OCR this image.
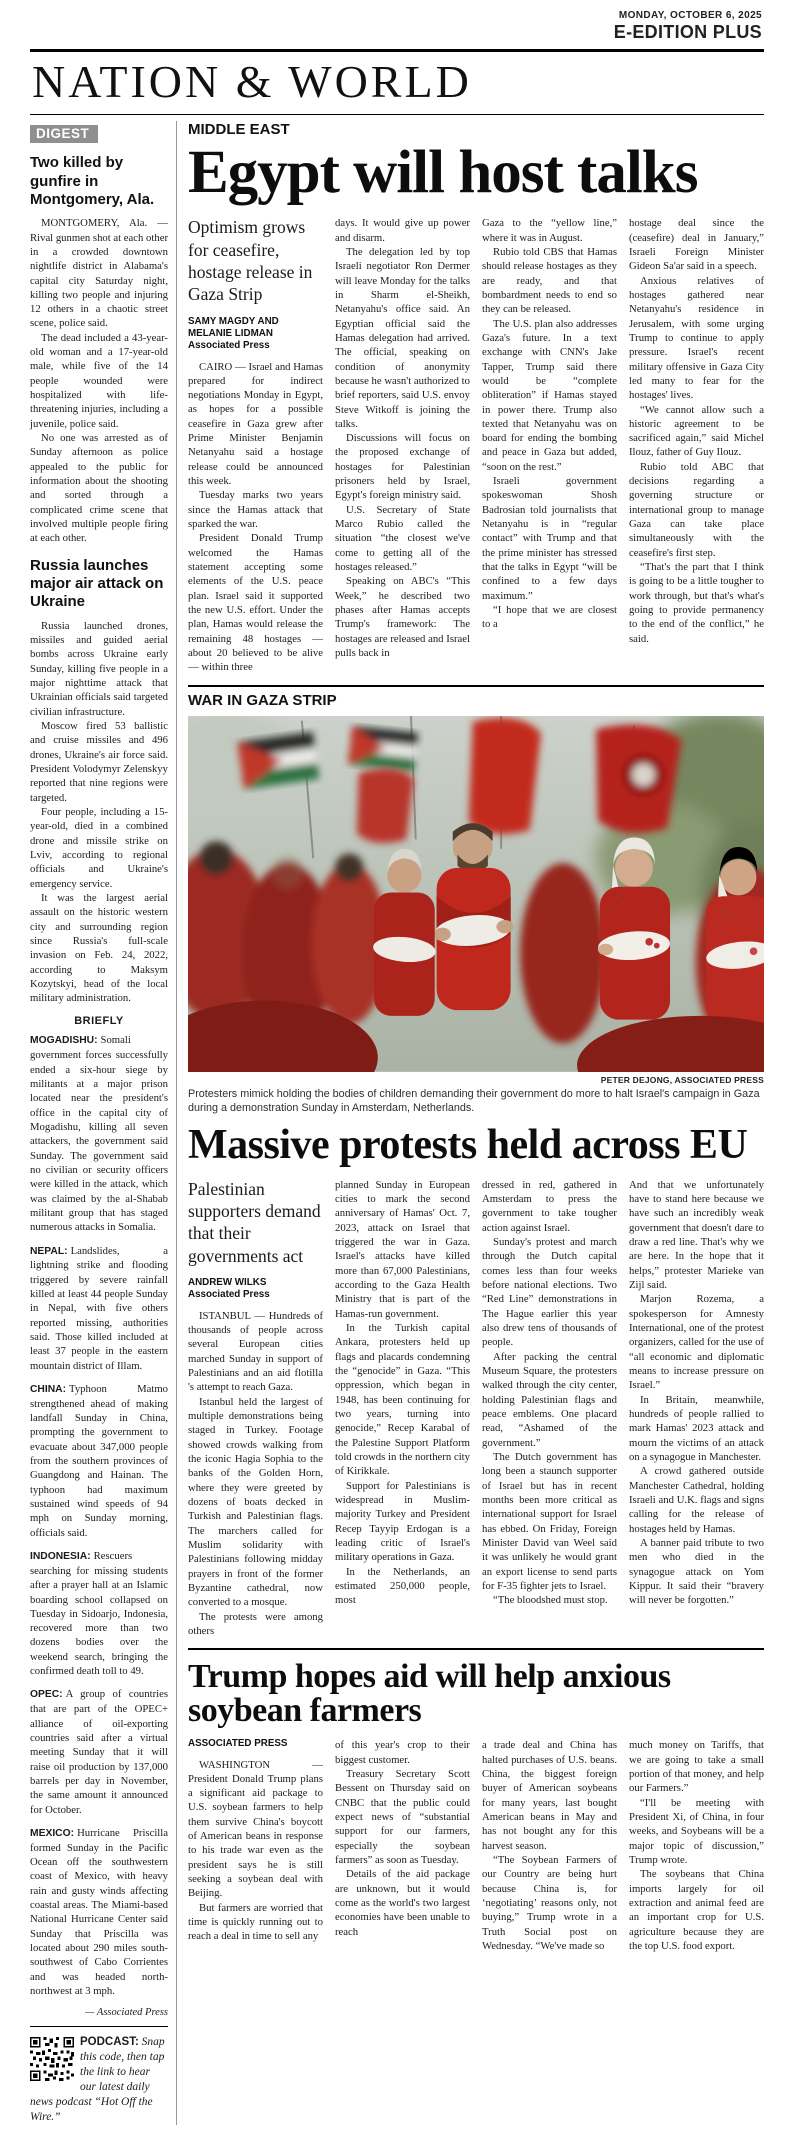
MONDAY, OCTOBER 6, 2025
E-EDITION PLUS
NATION & WORLD
DIGEST
Two killed by gunfire in Montgomery, Ala.

MONTGOMERY, Ala. — Rival gunmen shot at each other in a crowded downtown nightlife district in Alabama's capital city Saturday night, killing two people and injuring 12 others in a chaotic street scene, police said.

The dead included a 43-year-old woman and a 17-year-old male, while five of the 14 people wounded were hospitalized with life-threatening injuries, including a juvenile, police said.

No one was arrested as of Sunday afternoon as police appealed to the public for information about the shooting and sorted through a complicated crime scene that involved multiple people firing at each other.

Russia launches major air attack on Ukraine

Russia launched drones, missiles and guided aerial bombs across Ukraine early Sunday, killing five people in a major nighttime attack that Ukrainian officials said targeted civilian infrastructure.

Moscow fired 53 ballistic and cruise missiles and 496 drones, Ukraine's air force said. President Volodymyr Zelenskyy reported that nine regions were targeted.

Four people, including a 15-year-old, died in a combined drone and missile strike on Lviv, according to regional officials and Ukraine's emergency service.

It was the largest aerial assault on the historic western city and surrounding region since Russia's full-scale invasion on Feb. 24, 2022, according to Maksym Kozytskyi, head of the local military administration.

BRIEFLY

MOGADISHU: Somali government forces successfully ended a six-hour siege by militants at a major prison located near the president's office in the capital city of Mogadishu, killing all seven attackers, the government said Sunday. The government said no civilian or security officers were killed in the attack, which was claimed by the al-Shabab militant group that has staged numerous attacks in Somalia.

NEPAL: Landslides, a lightning strike and flooding triggered by severe rainfall killed at least 44 people Sunday in Nepal, with five others reported missing, authorities said. Those killed included at least 37 people in the eastern mountain district of Illam.

CHINA: Typhoon Matmo strengthened ahead of making landfall Sunday in China, prompting the government to evacuate about 347,000 people from the southern provinces of Guangdong and Hainan. The typhoon had maximum sustained wind speeds of 94 mph on Sunday morning, officials said.

INDONESIA: Rescuers searching for missing students after a prayer hall at an Islamic boarding school collapsed on Tuesday in Sidoarjo, Indonesia, recovered more than two dozens bodies over the weekend search, bringing the confirmed death toll to 49.

OPEC: A group of countries that are part of the OPEC+ alliance of oil-exporting countries said after a virtual meeting Sunday that it will raise oil production by 137,000 barrels per day in November, the same amount it announced for October.

MEXICO: Hurricane Priscilla formed Sunday in the Pacific Ocean off the southwestern coast of Mexico, with heavy rain and gusty winds affecting coastal areas. The Miami-based National Hurricane Center said Sunday that Priscilla was located about 290 miles south-southwest of Cabo Corrientes and was headed north-northwest at 3 mph.

— Associated Press
PODCAST: Snap this code, then tap the link to hear our latest daily news podcast “Hot Off the Wire.”
MIDDLE EAST
Egypt will host talks
Optimism grows for ceasefire, hostage release in Gaza Strip
SAMY MAGDY AND MELANIE LIDMAN
Associated Press

CAIRO — Israel and Hamas prepared for indirect negotiations Monday in Egypt, as hopes for a possible ceasefire in Gaza grew after Prime Minister Benjamin Netanyahu said a hostage release could be announced this week.

Tuesday marks two years since the Hamas attack that sparked the war.

President Donald Trump welcomed the Hamas statement accepting some elements of the U.S. peace plan. Israel said it supported the new U.S. effort. Under the plan, Hamas would release the remaining 48 hostages — about 20 believed to be alive — within three

days. It would give up power and disarm.

The delegation led by top Israeli negotiator Ron Dermer will leave Monday for the talks in Sharm el-Sheikh, Netanyahu's office said. An Egyptian official said the Hamas delegation had arrived. The official, speaking on condition of anonymity because he wasn't authorized to brief reporters, said U.S. envoy Steve Witkoff is joining the talks.

Discussions will focus on the proposed exchange of hostages for Palestinian prisoners held by Israel, Egypt's foreign ministry said.

U.S. Secretary of State Marco Rubio called the situation “the closest we've come to getting all of the hostages released.”

Speaking on ABC's “This Week,” he described two phases after Hamas accepts Trump's framework: The hostages are released and Israel pulls back in

Gaza to the “yellow line,” where it was in August.

Rubio told CBS that Hamas should release hostages as they are ready, and that bombardment needs to end so they can be released.

The U.S. plan also addresses Gaza's future. In a text exchange with CNN's Jake Tapper, Trump said there would be “complete obliteration” if Hamas stayed in power there. Trump also texted that Netanyahu was on board for ending the bombing and peace in Gaza but added, “soon on the rest.”

Israeli government spokeswoman Shosh Badrosian told journalists that Netanyahu is in “regular contact” with Trump and that the prime minister has stressed that the talks in Egypt “will be confined to a few days maximum.”

“I hope that we are closest to a

hostage deal since the (ceasefire) deal in January,” Israeli Foreign Minister Gideon Sa'ar said in a speech.

Anxious relatives of hostages gathered near Netanyahu's residence in Jerusalem, with some urging Trump to continue to apply pressure. Israel's recent military offensive in Gaza City led many to fear for the hostages' lives.

“We cannot allow such a historic agreement to be sacrificed again,” said Michel Ilouz, father of Guy Ilouz.

Rubio told ABC that decisions regarding a governing structure or international group to manage Gaza can take place simultaneously with the ceasefire's first step.

“That's the part that I think is going to be a little tougher to work through, but that's what's going to provide permanency to the end of the conflict,” he said.

WAR IN GAZA STRIP
PETER DEJONG, ASSOCIATED PRESS
Protesters mimick holding the bodies of children demanding their government do more to halt Israel's campaign in Gaza during a demonstration Sunday in Amsterdam, Netherlands.
Massive protests held across EU
Palestinian supporters demand that their governments act
ANDREW WILKS
Associated Press

ISTANBUL — Hundreds of thousands of people across several European cities marched Sunday in support of Palestinians and an aid flotilla 's attempt to reach Gaza.

Istanbul held the largest of multiple demonstrations being staged in Turkey. Footage showed crowds walking from the iconic Hagia Sophia to the banks of the Golden Horn, where they were greeted by dozens of boats decked in Turkish and Palestinian flags. The marchers called for Muslim solidarity with Palestinians following midday prayers in front of the former Byzantine cathedral, now converted to a mosque.

The protests were among others

planned Sunday in European cities to mark the second anniversary of Hamas' Oct. 7, 2023, attack on Israel that triggered the war in Gaza. Israel's attacks have killed more than 67,000 Palestinians, according to the Gaza Health Ministry that is part of the Hamas-run government.

In the Turkish capital Ankara, protesters held up flags and placards condemning the “genocide” in Gaza. “This oppression, which began in 1948, has been continuing for two years, turning into genocide,” Recep Karabal of the Palestine Support Platform told crowds in the northern city of Kirikkale.

Support for Palestinians is widespread in Muslim-majority Turkey and President Recep Tayyip Erdogan is a leading critic of Israel's military operations in Gaza.

In the Netherlands, an estimated 250,000 people, most

dressed in red, gathered in Amsterdam to press the government to take tougher action against Israel.

Sunday's protest and march through the Dutch capital comes less than four weeks before national elections. Two “Red Line” demonstrations in The Hague earlier this year also drew tens of thousands of people.

After packing the central Museum Square, the protesters walked through the city center, holding Palestinian flags and peace emblems. One placard read, “Ashamed of the government.”

The Dutch government has long been a staunch supporter of Israel but has in recent months been more critical as international support for Israel has ebbed. On Friday, Foreign Minister David van Weel said it was unlikely he would grant an export license to send parts for F-35 fighter jets to Israel.

“The bloodshed must stop.

And that we unfortunately have to stand here because we have such an incredibly weak government that doesn't dare to draw a red line. That's why we are here. In the hope that it helps,” protester Marieke van Zijl said.

Marjon Rozema, a spokesperson for Amnesty International, one of the protest organizers, called for the use of “all economic and diplomatic means to increase pressure on Israel.”

In Britain, meanwhile, hundreds of people rallied to mark Hamas' 2023 attack and mourn the victims of an attack on a synagogue in Manchester.

A crowd gathered outside Manchester Cathedral, holding Israeli and U.K. flags and signs calling for the release of hostages held by Hamas.

A banner paid tribute to two men who died in the synagogue attack on Yom Kippur. It said their “bravery will never be forgotten.”

Trump hopes aid will help anxious soybean farmers
ASSOCIATED PRESS

WASHINGTON — President Donald Trump plans a significant aid package to U.S. soybean farmers to help them survive China's boycott of American beans in response to his trade war even as the president says he is still seeking a soybean deal with Beijing.

But farmers are worried that time is quickly running out to reach a deal in time to sell any

of this year's crop to their biggest customer.

Treasury Secretary Scott Bessent on Thursday said on CNBC that the public could expect news of “substantial support for our farmers, especially the soybean farmers” as soon as Tuesday.

Details of the aid package are unknown, but it would come as the world's two largest economies have been unable to reach

a trade deal and China has halted purchases of U.S. beans. China, the biggest foreign buyer of American soybeans for many years, last bought American beans in May and has not bought any for this harvest season.

“The Soybean Farmers of our Country are being hurt because China is, for ‘negotiating’ reasons only, not buying,” Trump wrote in a Truth Social post on Wednesday. “We've made so

much money on Tariffs, that we are going to take a small portion of that money, and help our Farmers.”

“I'll be meeting with President Xi, of China, in four weeks, and Soybeans will be a major topic of discussion,” Trump wrote.

The soybeans that China imports largely for oil extraction and animal feed are an important crop for U.S. agriculture because they are the top U.S. food export.
